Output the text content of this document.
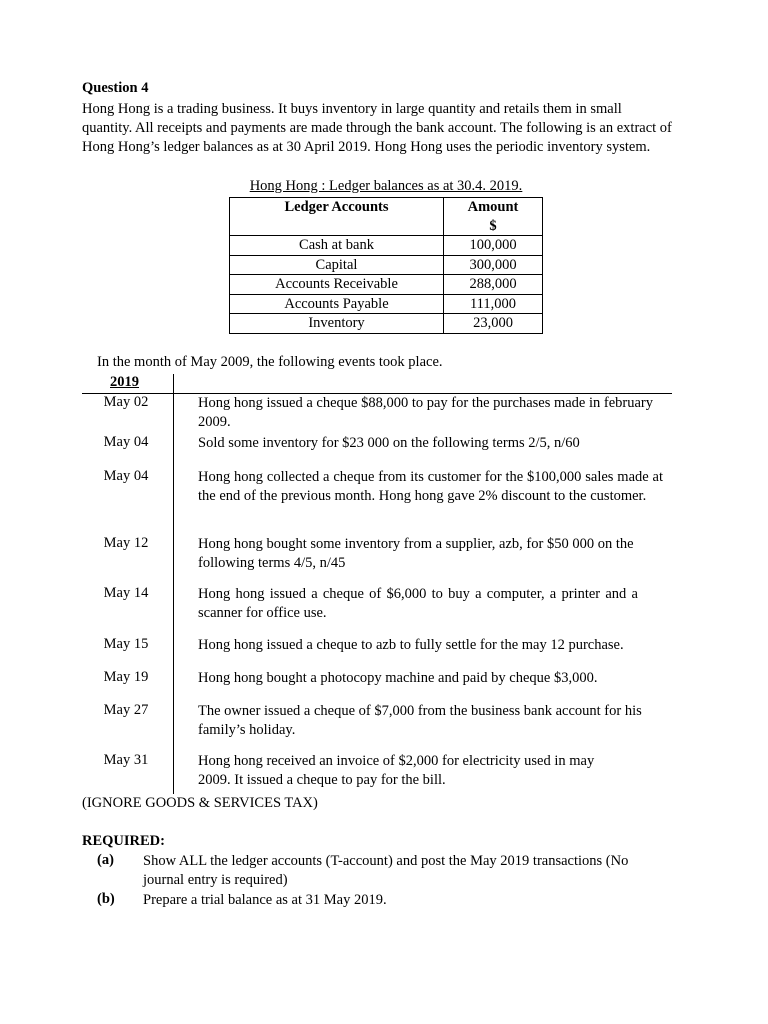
Question 4
Hong Hong is a trading business. It buys inventory in large quantity and retails them in small quantity. All receipts and payments are made through the bank account. The following is an extract of Hong Hong’s ledger balances as at 30 April 2019. Hong Hong uses the periodic inventory system.
Hong Hong : Ledger balances as at 30.4. 2019.
Ledger Accounts	Amount
$
Cash at bank	100,000
Capital	300,000
Accounts Receivable	288,000
Accounts Payable	111,000
Inventory	23,000
In the month of May 2009, the following events took place.
2019
May 02	Hong hong issued a cheque $88,000 to pay for the purchases made in february 2009.
May 04	Sold some inventory for $23 000 on the following terms 2/5, n/60
May 04	Hong hong collected a cheque from its customer for the $100,000 sales made at the end of the previous month. Hong hong gave 2% discount to the customer.
May 12	Hong hong bought some inventory from a supplier, azb, for $50 000 on the following terms 4/5, n/45
May 14	Hong hong issued a cheque of $6,000 to buy a computer, a printer and a scanner for office use.
May 15	Hong hong issued a cheque to azb to fully settle for the may 12 purchase.
May 19	Hong hong bought a photocopy machine and paid by cheque $3,000.
May 27	The owner issued a cheque of $7,000 from the business bank account for his family’s holiday.
May 31	Hong hong received an invoice of $2,000 for electricity used in may 2009. It issued a cheque to pay for the bill.
(IGNORE GOODS & SERVICES TAX)
REQUIRED:
(a) Show ALL the ledger accounts (T-account) and post the May 2019 transactions (No journal entry is required)
(b) Prepare a trial balance as at 31 May 2019.
